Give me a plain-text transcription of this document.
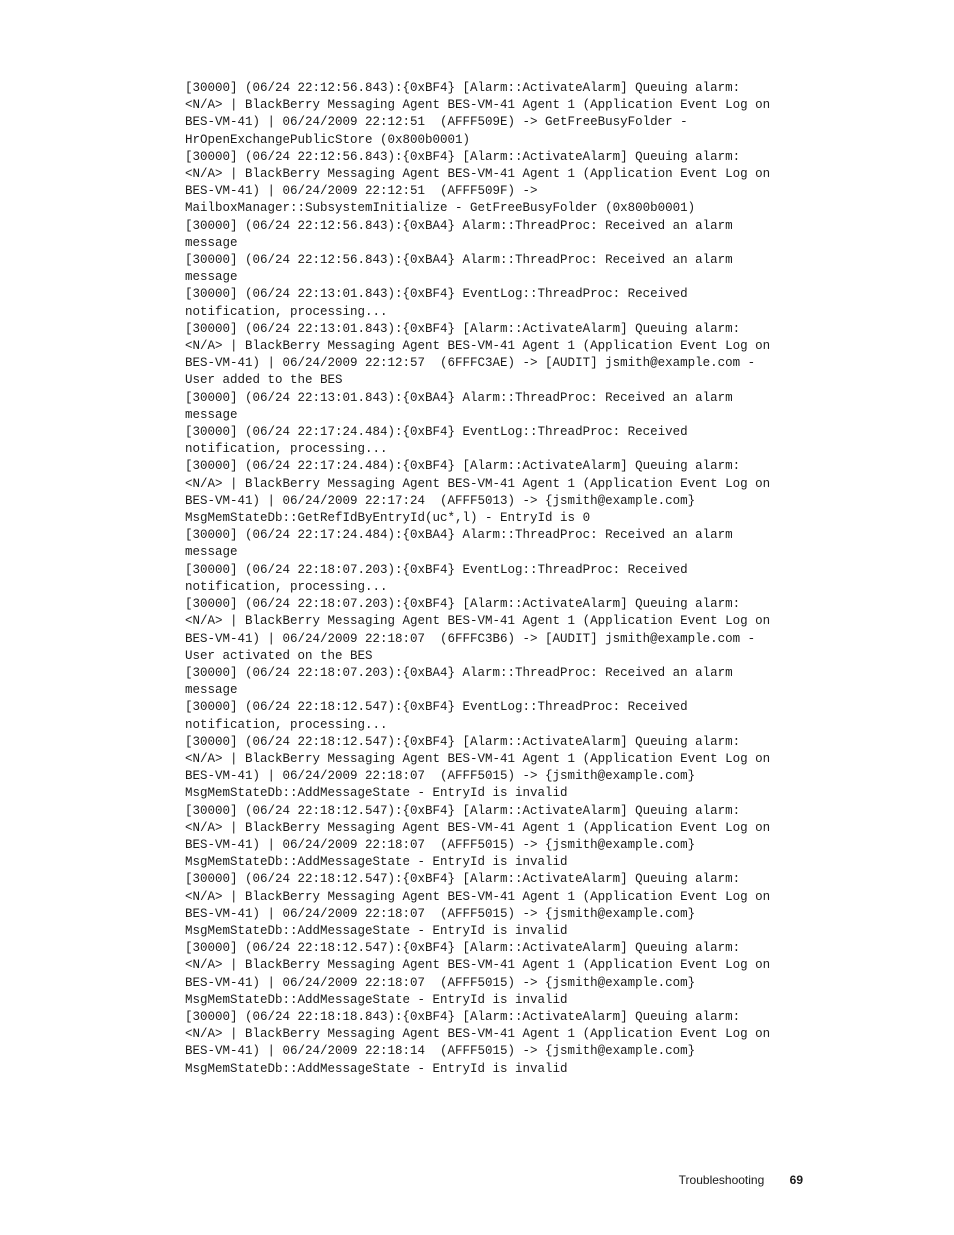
[30000] (06/24 22:12:56.843):{0xBF4} [Alarm::ActivateAlarm] Queuing alarm:
<N/A> | BlackBerry Messaging Agent BES-VM-41 Agent 1 (Application Event Log on
BES-VM-41) | 06/24/2009 22:12:51  (AFFF509E) -> GetFreeBusyFolder -
HrOpenExchangePublicStore (0x800b0001)
[30000] (06/24 22:12:56.843):{0xBF4} [Alarm::ActivateAlarm] Queuing alarm:
<N/A> | BlackBerry Messaging Agent BES-VM-41 Agent 1 (Application Event Log on
BES-VM-41) | 06/24/2009 22:12:51  (AFFF509F) ->
MailboxManager::SubsystemInitialize - GetFreeBusyFolder (0x800b0001)
[30000] (06/24 22:12:56.843):{0xBA4} Alarm::ThreadProc: Received an alarm
message
[30000] (06/24 22:12:56.843):{0xBA4} Alarm::ThreadProc: Received an alarm
message
[30000] (06/24 22:13:01.843):{0xBF4} EventLog::ThreadProc: Received
notification, processing...
[30000] (06/24 22:13:01.843):{0xBF4} [Alarm::ActivateAlarm] Queuing alarm:
<N/A> | BlackBerry Messaging Agent BES-VM-41 Agent 1 (Application Event Log on
BES-VM-41) | 06/24/2009 22:12:57  (6FFFC3AE) -> [AUDIT] jsmith@example.com -
User added to the BES
[30000] (06/24 22:13:01.843):{0xBA4} Alarm::ThreadProc: Received an alarm
message
[30000] (06/24 22:17:24.484):{0xBF4} EventLog::ThreadProc: Received
notification, processing...
[30000] (06/24 22:17:24.484):{0xBF4} [Alarm::ActivateAlarm] Queuing alarm:
<N/A> | BlackBerry Messaging Agent BES-VM-41 Agent 1 (Application Event Log on
BES-VM-41) | 06/24/2009 22:17:24  (AFFF5013) -> {jsmith@example.com}
MsgMemStateDb::GetRefIdByEntryId(uc*,l) - EntryId is 0
[30000] (06/24 22:17:24.484):{0xBA4} Alarm::ThreadProc: Received an alarm
message
[30000] (06/24 22:18:07.203):{0xBF4} EventLog::ThreadProc: Received
notification, processing...
[30000] (06/24 22:18:07.203):{0xBF4} [Alarm::ActivateAlarm] Queuing alarm:
<N/A> | BlackBerry Messaging Agent BES-VM-41 Agent 1 (Application Event Log on
BES-VM-41) | 06/24/2009 22:18:07  (6FFFC3B6) -> [AUDIT] jsmith@example.com -
User activated on the BES
[30000] (06/24 22:18:07.203):{0xBA4} Alarm::ThreadProc: Received an alarm
message
[30000] (06/24 22:18:12.547):{0xBF4} EventLog::ThreadProc: Received
notification, processing...
[30000] (06/24 22:18:12.547):{0xBF4} [Alarm::ActivateAlarm] Queuing alarm:
<N/A> | BlackBerry Messaging Agent BES-VM-41 Agent 1 (Application Event Log on
BES-VM-41) | 06/24/2009 22:18:07  (AFFF5015) -> {jsmith@example.com}
MsgMemStateDb::AddMessageState - EntryId is invalid
[30000] (06/24 22:18:12.547):{0xBF4} [Alarm::ActivateAlarm] Queuing alarm:
<N/A> | BlackBerry Messaging Agent BES-VM-41 Agent 1 (Application Event Log on
BES-VM-41) | 06/24/2009 22:18:07  (AFFF5015) -> {jsmith@example.com}
MsgMemStateDb::AddMessageState - EntryId is invalid
[30000] (06/24 22:18:12.547):{0xBF4} [Alarm::ActivateAlarm] Queuing alarm:
<N/A> | BlackBerry Messaging Agent BES-VM-41 Agent 1 (Application Event Log on
BES-VM-41) | 06/24/2009 22:18:07  (AFFF5015) -> {jsmith@example.com}
MsgMemStateDb::AddMessageState - EntryId is invalid
[30000] (06/24 22:18:12.547):{0xBF4} [Alarm::ActivateAlarm] Queuing alarm:
<N/A> | BlackBerry Messaging Agent BES-VM-41 Agent 1 (Application Event Log on
BES-VM-41) | 06/24/2009 22:18:07  (AFFF5015) -> {jsmith@example.com}
MsgMemStateDb::AddMessageState - EntryId is invalid
[30000] (06/24 22:18:18.843):{0xBF4} [Alarm::ActivateAlarm] Queuing alarm:
<N/A> | BlackBerry Messaging Agent BES-VM-41 Agent 1 (Application Event Log on
BES-VM-41) | 06/24/2009 22:18:14  (AFFF5015) -> {jsmith@example.com}
MsgMemStateDb::AddMessageState - EntryId is invalid
Troubleshooting 69
